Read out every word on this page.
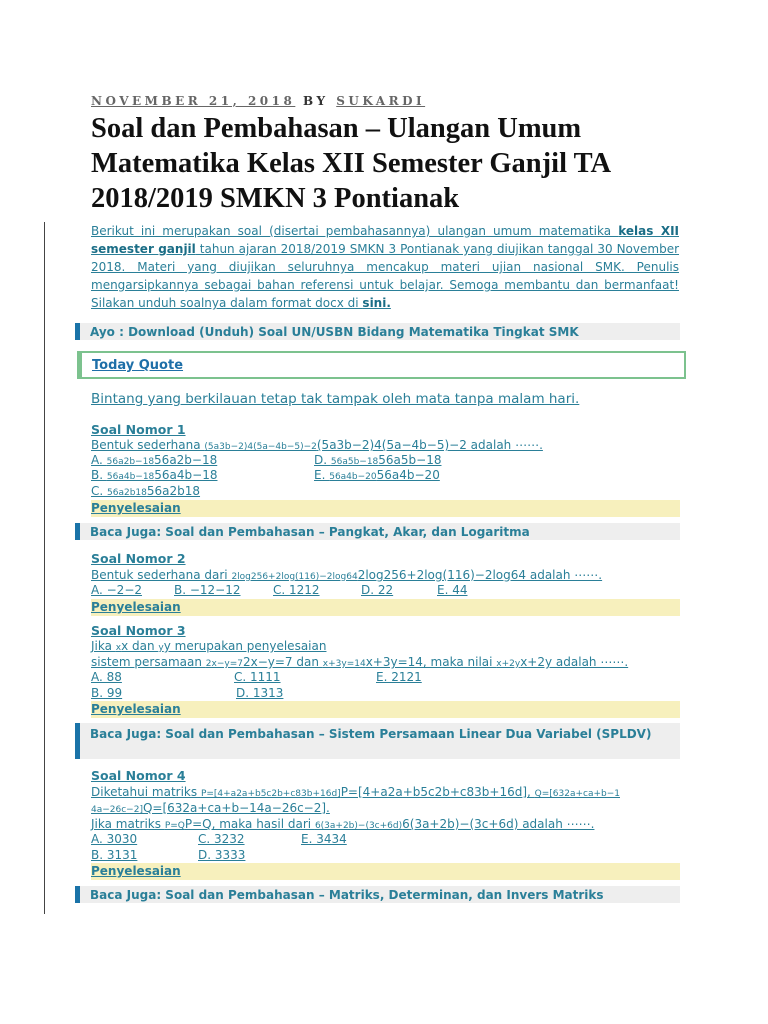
NOVEMBER 21, 2018 BY SUKARDI
Soal dan Pembahasan – Ulangan Umum Matematika Kelas XII Semester Ganjil TA 2018/2019 SMKN 3 Pontianak

Berikut ini merupakan soal (disertai pembahasannya) ulangan umum matematika kelas XII semester ganjil tahun ajaran 2018/2019 SMKN 3 Pontianak yang diujikan tanggal 30 November 2018. Materi yang diujikan seluruhnya mencakup materi ujian nasional SMK. Penulis mengarsipkannya sebagai bahan referensi untuk belajar. Semoga membantu dan bermanfaat! Silakan unduh soalnya dalam format docx di sini.

Ayo : Download (Unduh) Soal UN/USBN Bidang Matematika Tingkat SMK
Today Quote
Bintang yang berkilauan tetap tak tampak oleh mata tanpa malam hari.
Soal Nomor 1
Bentuk sederhana (5a3b−2)4(5a−4b−5)−2(5a3b−2)4(5a−4b−5)−2 adalah ⋯⋯.
A. 56a2b−1856a2b−18	D. 56a5b−1856a5b−18
B. 56a4b−1856a4b−18	E. 56a4b−2056a4b−20
C. 56a2b1856a2b18
Penyelesaian
Baca Juga: Soal dan Pembahasan – Pangkat, Akar, dan Logaritma
Soal Nomor 2
Bentuk sederhana dari 2log256+2log(116)−2log642log256+2log(116)−2log64 adalah ⋯⋯.
A. −2−2	B. −12−12	C. 1212	D. 22	E. 44
Penyelesaian
Soal Nomor 3
Jika xx dan yy merupakan penyelesaian
sistem persamaan 2x−y=72x−y=7 dan x+3y=14x+3y=14, maka nilai x+2yx+2y adalah ⋯⋯.
A. 88	C. 1111	E. 2121
B. 99	D. 1313
Penyelesaian
Baca Juga: Soal dan Pembahasan – Sistem Persamaan Linear Dua Variabel (SPLDV)
Soal Nomor 4
Diketahui matriks P=[4+a2a+b5c2b+c83b+16d]P=[4+a2a+b5c2b+c83b+16d], Q=[632a+ca+b−1
4a−26c−2]Q=[632a+ca+b−14a−26c−2].
Jika matriks P=QP=Q, maka hasil dari 6(3a+2b)−(3c+6d)6(3a+2b)−(3c+6d) adalah ⋯⋯.
A. 3030	C. 3232	E. 3434
B. 3131	D. 3333
Penyelesaian
Baca Juga: Soal dan Pembahasan – Matriks, Determinan, dan Invers Matriks
